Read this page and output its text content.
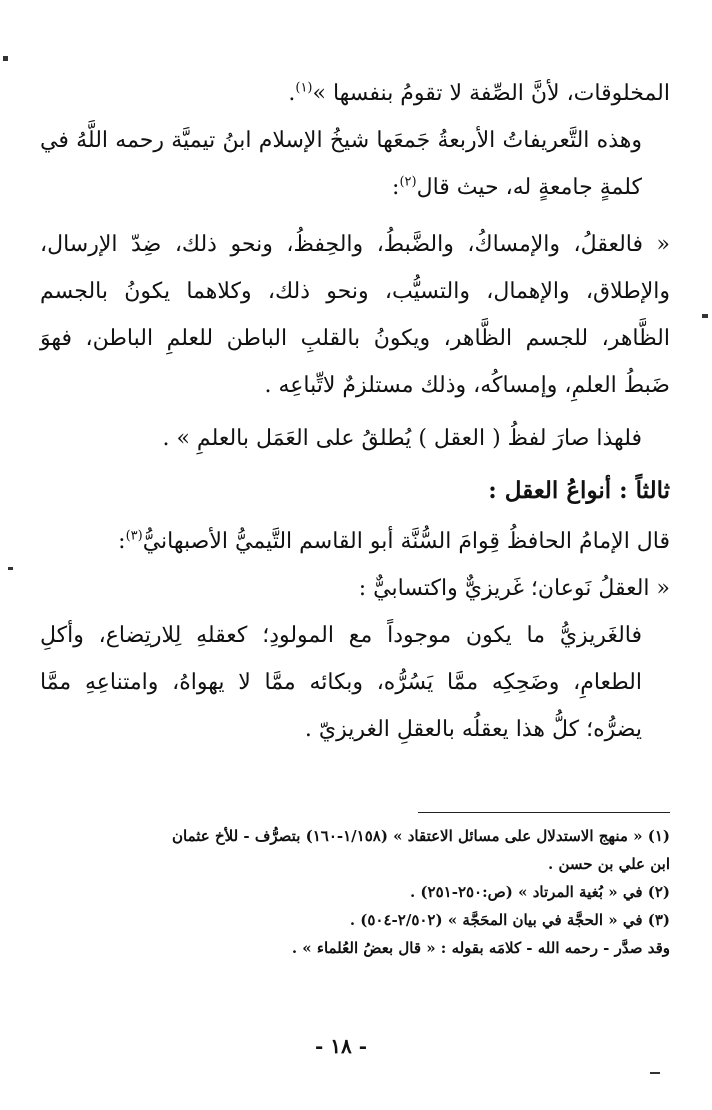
المخلوقات، لأنَّ الصِّفة لا تقومُ بنفسها »$^{(١)}$.

وهذه التَّعريفاتُ الأربعةُ جَمعَها شيخُ الإسلام ابنُ تيميَّة رحمه اللَّهُ في كلمةٍ جامعةٍ له، حيث قال$^{(٢)}$:

« فالعقلُ، والإمساكُ، والضَّبطُ، والحِفظُ، ونحو ذلك، ضِدّ الإرسال، والإطلاق، والإهمال، والتسيُّب، ونحو ذلك، وكلاهما يكونُ بالجسم الظَّاهر، للجسم الظَّاهر، ويكونُ بالقلبِ الباطن للعلمِ الباطن، فهوَ ضَبطُ العلمِ، وإمساكُه، وذلك مستلزمٌ لاتِّباعِه .

فلهذا صارَ لفظُ ( العقل ) يُطلقُ على العَمَل بالعلمِ » .

ثالثاً : أنواعُ العقل :

قال الإمامُ الحافظُ قِوامَ السُّنَّة أبو القاسم التَّيميُّ الأصبهانيُّ$^{(٣)}$:

« العقلُ نَوعان؛ غَريزيٌّ واكتسابيٌّ :

فالغَريزيُّ ما يكون موجوداً مع المولودِ؛ كعقلهِ لِلارتِضاع، وأكلِ الطعامِ، وضَحِكِه ممَّا يَسُرُّه، وبكائه ممَّا لا يهواهُ، وامتناعِهِ ممَّا يضرُّه؛ كلُّ هذا يعقلُه بالعقلِ الغريزيّ .

(١) « منهج الاستدلال على مسائل الاعتقاد » (١/١٥٨-١٦٠) بتصرُّف - للأخ عثمان
ابن علي بن حسن .
(٢) في « بُغية المرتاد » (ص:٢٥٠-٢٥١) .
(٣) في « الحجَّة في بيان المحَجَّة » (٢/٥٠٢-٥٠٤) .
وقد صدَّر - رحمه الله - كلامَه بقوله : « قال بعضُ العُلماء » .
- ١٨ -
